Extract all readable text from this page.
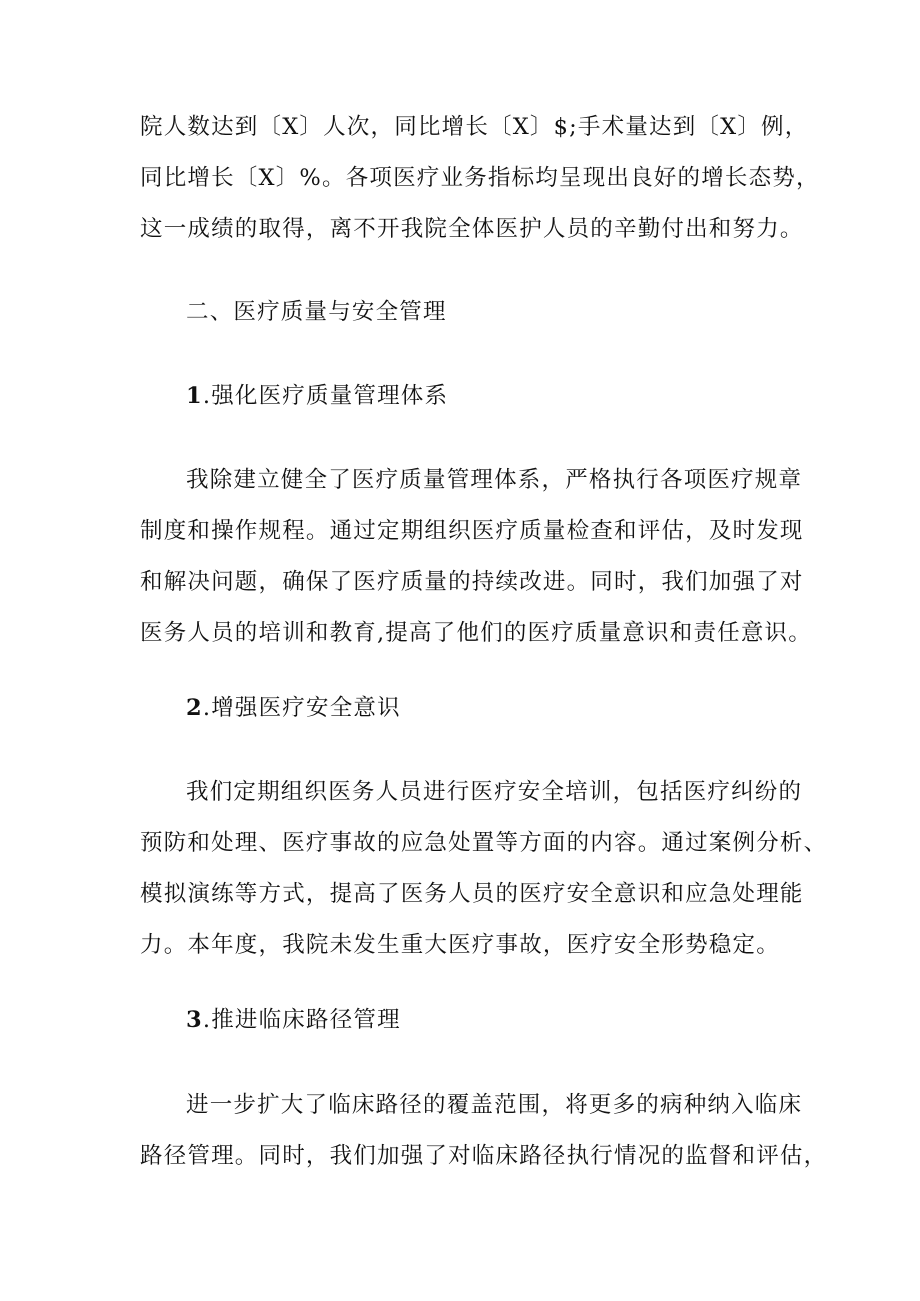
院人数达到〔X〕人次，同比增长〔X〕$;手术量达到〔X〕例，
同比增长〔X〕%。各项医疗业务指标均呈现出良好的增长态势，
这一成绩的取得，离不开我院全体医护人员的辛勤付出和努力。
二、医疗质量与安全管理
1.强化医疗质量管理体系
我除建立健全了医疗质量管理体系，严格执行各项医疗规章
制度和操作规程。通过定期组织医疗质量检查和评估，及时发现
和解决问题，确保了医疗质量的持续改进。同时，我们加强了对
医务人员的培训和教育,提高了他们的医疗质量意识和责任意识。
2.增强医疗安全意识
我们定期组织医务人员进行医疗安全培训，包括医疗纠纷的
预防和处理、医疗事故的应急处置等方面的内容。通过案例分析、
模拟演练等方式，提高了医务人员的医疗安全意识和应急处理能
力。本年度，我院未发生重大医疗事故，医疗安全形势稳定。
3.推进临床路径管理
进一步扩大了临床路径的覆盖范围，将更多的病种纳入临床
路径管理。同时，我们加强了对临床路径执行情况的监督和评估，
